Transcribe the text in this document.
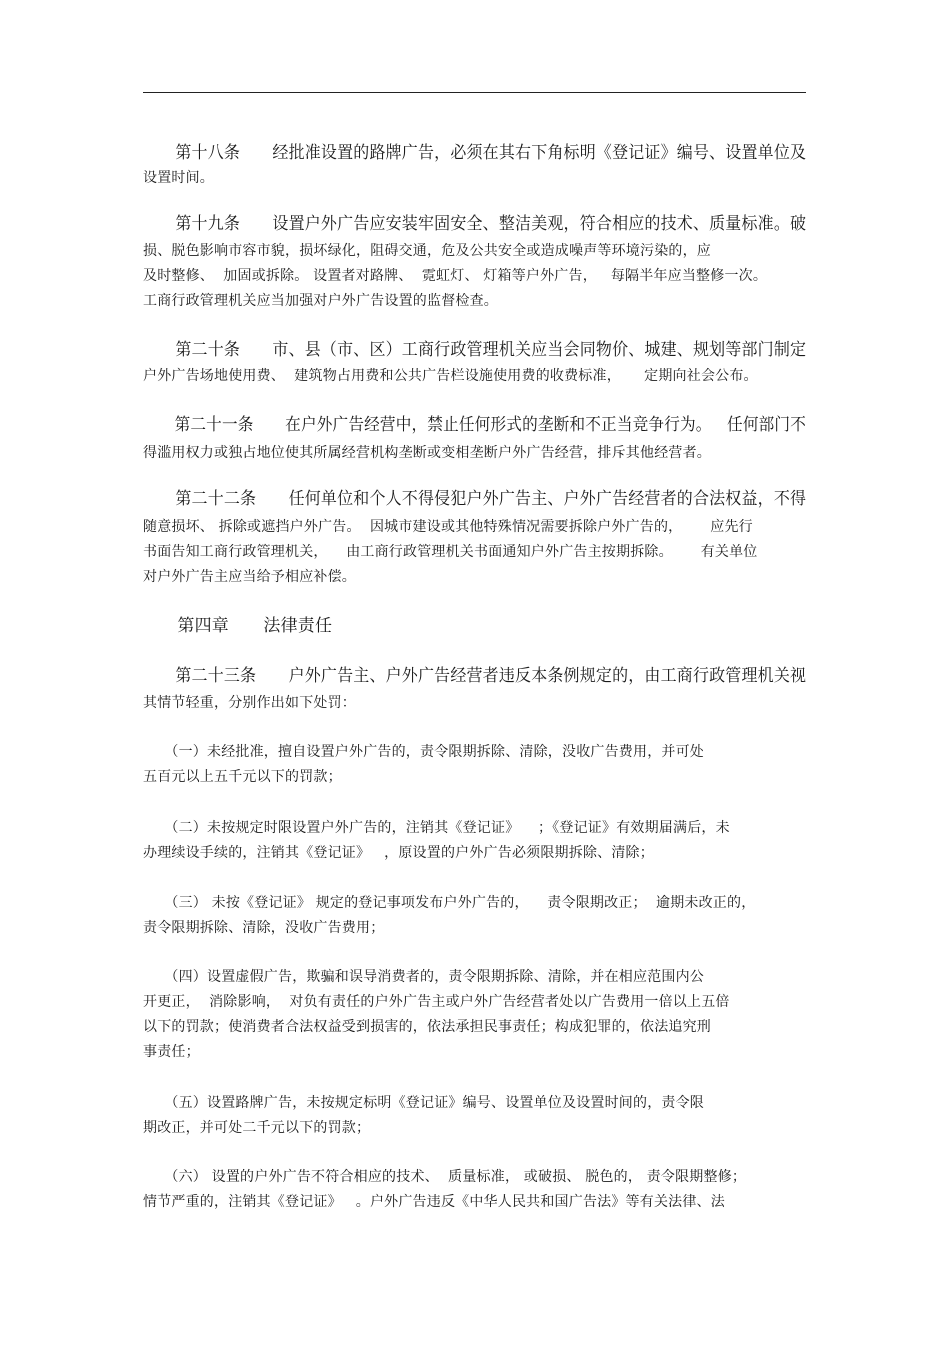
　　第十八条　　经批准设置的路牌广告，必须在其右下角标明《登记证》编号、设置单位及
设置时间。
　　第十九条　　设置户外广告应安装牢固安全、整洁美观，符合相应的技术、质量标准。破
损、脱色影响市容市貌，损坏绿化，阻碍交通，危及公共安全或造成噪声等环境污染的，应
及时整修、  加固或拆除。 设置者对路牌、  霓虹灯、 灯箱等户外广告，   每隔半年应当整修一次。
工商行政管理机关应当加强对户外广告设置的监督检查。
　　第二十条　　市、县（市、区）工商行政管理机关应当会同物价、城建、规划等部门制定
户外广告场地使用费、  建筑物占用费和公共广告栏设施使用费的收费标准，     定期向社会公布。
　　第二十一条　　在户外广告经营中，禁止任何形式的垄断和不正当竞争行为。   任何部门不
得滥用权力或独占地位使其所属经营机构垄断或变相垄断户外广告经营，排斥其他经营者。
　　第二十二条　　任何单位和个人不得侵犯户外广告主、户外广告经营者的合法权益，不得
随意损坏、 拆除或遮挡户外广告。  因城市建设或其他特殊情况需要拆除户外广告的，      应先行
书面告知工商行政管理机关，    由工商行政管理机关书面通知户外广告主按期拆除。      有关单位
对户外广告主应当给予相应补偿。
　　第四章　　法律责任
　　第二十三条　　户外广告主、户外广告经营者违反本条例规定的，由工商行政管理机关视
其情节轻重，分别作出如下处罚：
　　（一）未经批准，擅自设置户外广告的，责令限期拆除、清除，没收广告费用，并可处
五百元以上五千元以下的罚款；
　　（二）未按规定时限设置户外广告的，注销其《登记证》    ；《登记证》有效期届满后，未
办理续设手续的，注销其《登记证》   ，原设置的户外广告必须限期拆除、清除；
　　（三） 未按《登记证》 规定的登记事项发布户外广告的，    责令限期改正；  逾期未改正的，
责令限期拆除、清除，没收广告费用；
　　（四）设置虚假广告，欺骗和误导消费者的，责令限期拆除、清除，并在相应范围内公
开更正，  消除影响，  对负有责任的户外广告主或户外广告经营者处以广告费用一倍以上五倍
以下的罚款；使消费者合法权益受到损害的，依法承担民事责任；构成犯罪的，依法追究刑
事责任；
　　（五）设置路牌广告，未按规定标明《登记证》编号、设置单位及设置时间的，责令限
期改正，并可处二千元以下的罚款；
　　（六） 设置的户外广告不符合相应的技术、  质量标准， 或破损、 脱色的， 责令限期整修；
情节严重的，注销其《登记证》   。户外广告违反《中华人民共和国广告法》等有关法律、法
